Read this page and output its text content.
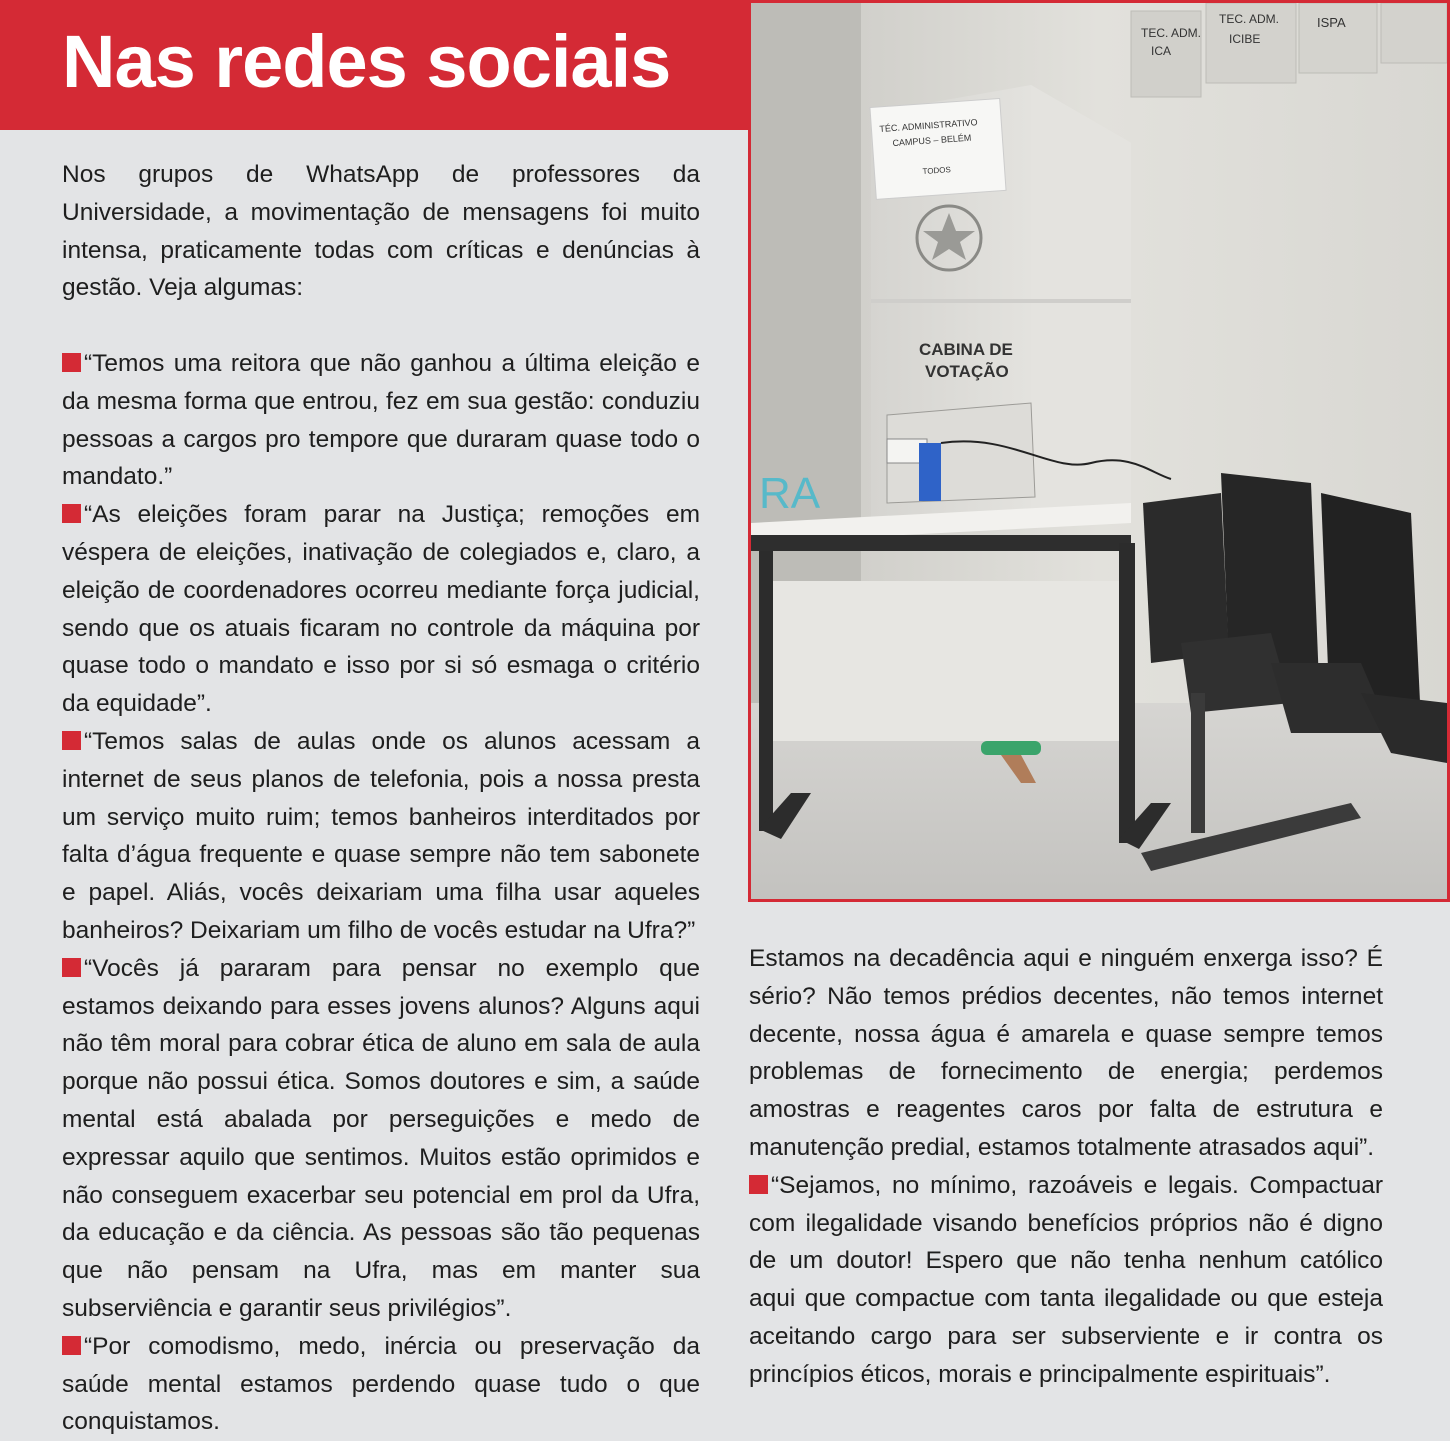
Nas redes sociais

Nos grupos de WhatsApp de professores da Universidade, a movimentação de mensagens foi muito intensa, praticamente todas com críticas e denúncias à gestão. Veja algumas:

“Temos uma reitora que não ganhou a última eleição e da mesma forma que entrou, fez em sua gestão: conduziu pessoas a cargos pro tempore que duraram quase todo o mandato.”

“As eleições foram parar na Justiça; remoções em véspera de eleições, inativação de colegiados e, claro, a eleição de coordenadores ocorreu mediante força judicial, sendo que os atuais ficaram no controle da máquina por quase todo o mandato e isso por si só esmaga o critério da equidade”.

“Temos salas de aulas onde os alunos acessam a internet de seus planos de telefonia, pois a nossa presta um serviço muito ruim; temos banheiros interditados por falta d’água frequente e quase sempre não tem sabonete e papel. Aliás, vocês deixariam uma filha usar aqueles banheiros? Deixariam um filho de vocês estudar na Ufra?”

“Vocês já pararam para pensar no exemplo que estamos deixando para esses jovens alunos? Alguns aqui não têm moral para cobrar ética de aluno em sala de aula porque não possui ética. Somos doutores e sim, a saúde mental está abalada por perseguições e medo de expressar aquilo que sentimos. Muitos estão oprimidos e não conseguem exacerbar seu potencial em prol da Ufra, da educação e da ciência. As pessoas são tão pequenas que não pensam na Ufra, mas em manter sua subserviência e garantir seus privilégios”.

“Por comodismo, medo, inércia ou preservação da saúde mental estamos perdendo quase tudo o que conquistamos.

Estamos na decadência aqui e ninguém enxerga isso? É sério? Não temos prédios decentes, não temos internet decente, nossa água é amarela e quase sempre temos problemas de fornecimento de energia; perdemos amostras e reagentes caros por falta de estrutura e manutenção predial, estamos totalmente atrasados aqui”.

“Sejamos, no mínimo, razoáveis e legais. Compactuar com ilegalidade visando benefícios próprios não é digno de um doutor! Espero que não tenha nenhum católico aqui que compactue com tanta ilegalidade ou que esteja aceitando cargo para ser subserviente e ir contra os princípios éticos, morais e principalmente espirituais”.

RA
TEC. ADM.
ICA
TEC. ADM.
ICIBE
ISPA
TÉC. ADMINISTRATIVO
CAMPUS – BELÉM
TODOS
CABINA DE
VOTAÇÃO
